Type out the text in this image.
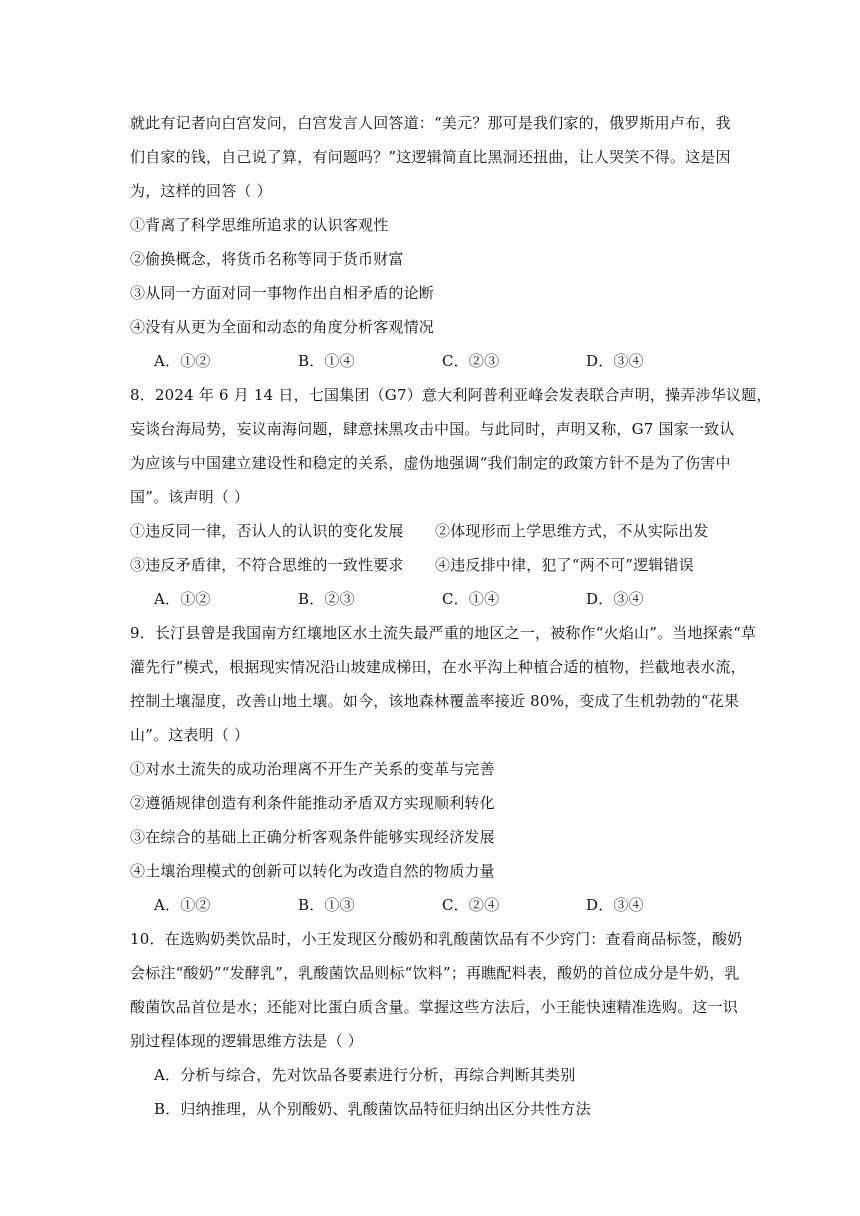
就此有记者向白宫发问，白宫发言人回答道：“美元？那可是我们家的，俄罗斯用卢布，我
们自家的钱，自己说了算，有问题吗？”这逻辑简直比黑洞还扭曲，让人哭笑不得。这是因
为，这样的回答（ ）
①背离了科学思维所追求的认识客观性
②偷换概念，将货币名称等同于货币财富
③从同一方面对同一事物作出自相矛盾的论断
④没有从更为全面和动态的角度分析客观情况
A．①②	B．①④	C．②③	D．③④
8．2024 年 6 月 14 日，七国集团（G7）意大利阿普利亚峰会发表联合声明，操弄涉华议题，
妄谈台海局势，妄议南海问题，肆意抹黑攻击中国。与此同时，声明又称，G7 国家一致认
为应该与中国建立建设性和稳定的关系，虚伪地强调“我们制定的政策方针不是为了伤害中
国”。该声明（ ）
①违反同一律，否认人的认识的变化发展 ②体现形而上学思维方式，不从实际出发
③违反矛盾律，不符合思维的一致性要求 ④违反排中律，犯了“两不可”逻辑错误
A．①②	B．②③	C．①④	D．③④
9．长汀县曾是我国南方红壤地区水土流失最严重的地区之一，被称作“火焰山”。当地探索“草
灌先行”模式，根据现实情况沿山坡建成梯田，在水平沟上种植合适的植物，拦截地表水流，
控制土壤湿度，改善山地土壤。如今，该地森林覆盖率接近 80%，变成了生机勃勃的“花果
山”。这表明（ ）
①对水土流失的成功治理离不开生产关系的变革与完善
②遵循规律创造有利条件能推动矛盾双方实现顺利转化
③在综合的基础上正确分析客观条件能够实现经济发展
④土壤治理模式的创新可以转化为改造自然的物质力量
A．①②	B．①③	C．②④	D．③④
10．在选购奶类饮品时，小王发现区分酸奶和乳酸菌饮品有不少窍门：查看商品标签，酸奶
会标注“酸奶”“发酵乳”，乳酸菌饮品则标“饮料”；再瞧配料表，酸奶的首位成分是牛奶，乳
酸菌饮品首位是水；还能对比蛋白质含量。掌握这些方法后，小王能快速精准选购。这一识
别过程体现的逻辑思维方法是（ ）
A．分析与综合，先对饮品各要素进行分析，再综合判断其类别
B．归纳推理，从个别酸奶、乳酸菌饮品特征归纳出区分共性方法
